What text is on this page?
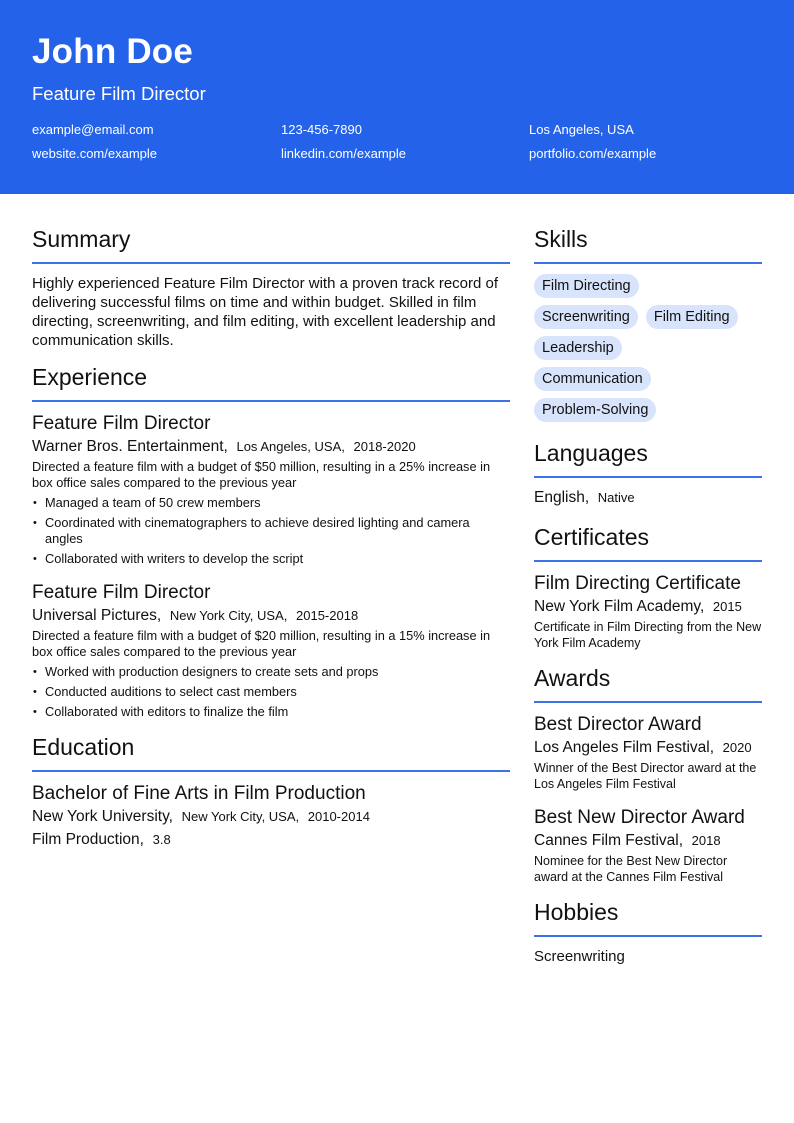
John Doe
Feature Film Director
example@email.com	123-456-7890	Los Angeles, USA
website.com/example	linkedin.com/example	portfolio.com/example
Summary
Highly experienced Feature Film Director with a proven track record of delivering successful films on time and within budget. Skilled in film directing, screenwriting, and film editing, with excellent leadership and communication skills.
Experience
Feature Film Director
Warner Bros. Entertainment, Los Angeles, USA, 2018-2020
Directed a feature film with a budget of $50 million, resulting in a 25% increase in box office sales compared to the previous year
• Managed a team of 50 crew members
• Coordinated with cinematographers to achieve desired lighting and camera angles
• Collaborated with writers to develop the script
Feature Film Director
Universal Pictures, New York City, USA, 2015-2018
Directed a feature film with a budget of $20 million, resulting in a 15% increase in box office sales compared to the previous year
• Worked with production designers to create sets and props
• Conducted auditions to select cast members
• Collaborated with editors to finalize the film
Education
Bachelor of Fine Arts in Film Production
New York University, New York City, USA, 2010-2014
Film Production, 3.8
Skills
Film Directing
Screenwriting	Film Editing
Leadership
Communication
Problem-Solving
Languages
English, Native
Certificates
Film Directing Certificate
New York Film Academy, 2015
Certificate in Film Directing from the New York Film Academy
Awards
Best Director Award
Los Angeles Film Festival, 2020
Winner of the Best Director award at the Los Angeles Film Festival
Best New Director Award
Cannes Film Festival, 2018
Nominee for the Best New Director award at the Cannes Film Festival
Hobbies
Screenwriting
